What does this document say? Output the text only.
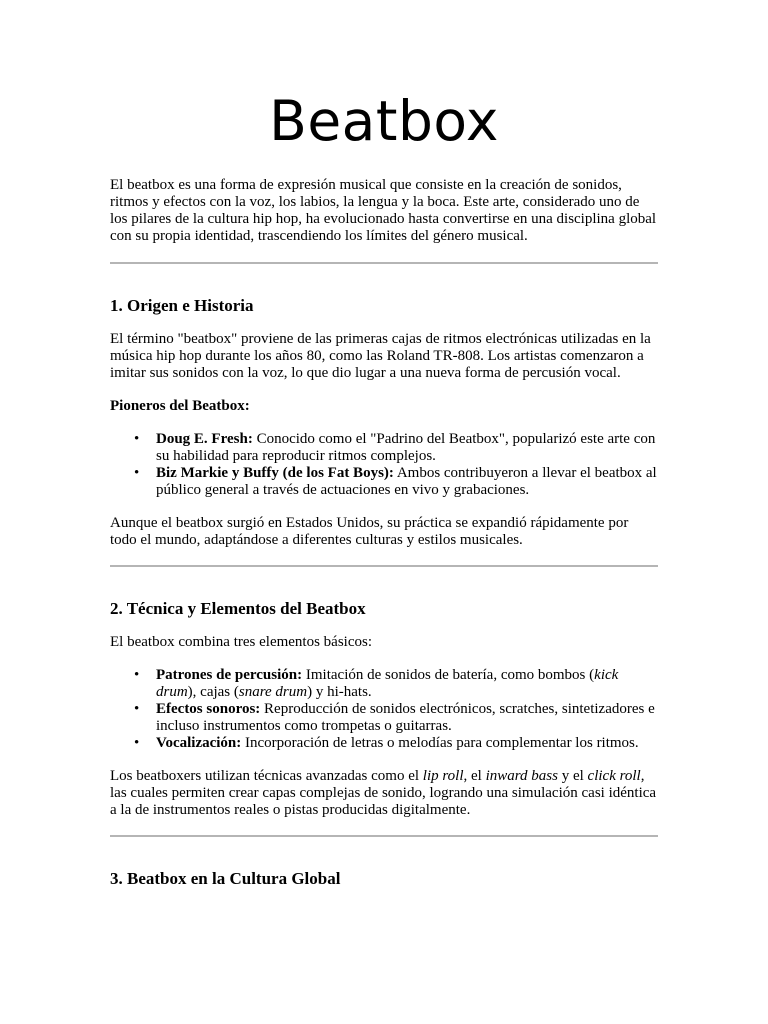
Beatbox

El beatbox es una forma de expresión musical que consiste en la creación de sonidos, ritmos y efectos con la voz, los labios, la lengua y la boca. Este arte, considerado uno de los pilares de la cultura hip hop, ha evolucionado hasta convertirse en una disciplina global con su propia identidad, trascendiendo los límites del género musical.

1. Origen e Historia

El término "beatbox" proviene de las primeras cajas de ritmos electrónicas utilizadas en la música hip hop durante los años 80, como las Roland TR-808. Los artistas comenzaron a imitar sus sonidos con la voz, lo que dio lugar a una nueva forma de percusión vocal.

Pioneros del Beatbox:

• Doug E. Fresh: Conocido como el "Padrino del Beatbox", popularizó este arte con su habilidad para reproducir ritmos complejos.
• Biz Markie y Buffy (de los Fat Boys): Ambos contribuyeron a llevar el beatbox al público general a través de actuaciones en vivo y grabaciones.

Aunque el beatbox surgió en Estados Unidos, su práctica se expandió rápidamente por todo el mundo, adaptándose a diferentes culturas y estilos musicales.

2. Técnica y Elementos del Beatbox

El beatbox combina tres elementos básicos:

• Patrones de percusión: Imitación de sonidos de batería, como bombos (kick drum), cajas (snare drum) y hi-hats.
• Efectos sonoros: Reproducción de sonidos electrónicos, scratches, sintetizadores e incluso instrumentos como trompetas o guitarras.
• Vocalización: Incorporación de letras o melodías para complementar los ritmos.

Los beatboxers utilizan técnicas avanzadas como el lip roll, el inward bass y el click roll, las cuales permiten crear capas complejas de sonido, logrando una simulación casi idéntica a la de instrumentos reales o pistas producidas digitalmente.

3. Beatbox en la Cultura Global
